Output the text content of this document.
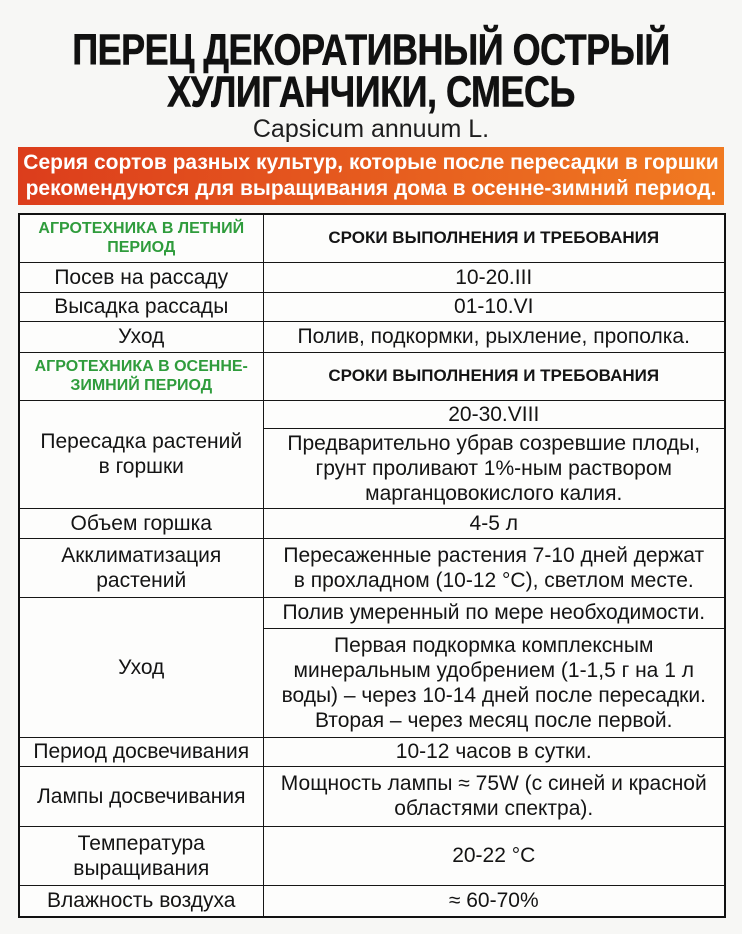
ПЕРЕЦ ДЕКОРАТИВНЫЙ ОСТРЫЙ
ХУЛИГАНЧИКИ, СМЕСЬ
Capsicum annuum L.
Серия сортов разных культур, которые после пересадки в горшки
рекомендуются для выращивания дома в осенне-зимний период.
АГРОТЕХНИКА В ЛЕТНИЙ
ПЕРИОД	СРОКИ ВЫПОЛНЕНИЯ И ТРЕБОВАНИЯ

Посев на рассаду	10-20.III

Высадка рассады	01-10.VI

Уход	Полив, подкормки, рыхление, прополка.

АГРОТЕХНИКА В ОСЕННЕ-
ЗИМНИЙ ПЕРИОД	СРОКИ ВЫПОЛНЕНИЯ И ТРЕБОВАНИЯ

Пересадка растений
в горшки	20-30.VIII

	Предварительно убрав созревшие плоды,
грунт проливают 1%-ным раствором
марганцовокислого калия.

Объем горшка	4-5 л

Акклиматизация
растений	Пересаженные растения 7-10 дней держат
в прохладном (10-12 °С), светлом месте.

Уход	Полив умеренный по мере необходимости.

	Первая подкормка комплексным
минеральным удобрением (1-1,5 г на 1 л
воды) – через 10-14 дней после пересадки.
Вторая – через месяц после первой.

Период досвечивания	10-12 часов в сутки.

Лампы досвечивания	Мощность лампы ≈ 75W (с синей и красной
областями спектра).

Температура
выращивания	20-22 °С

Влажность воздуха	≈ 60-70%
